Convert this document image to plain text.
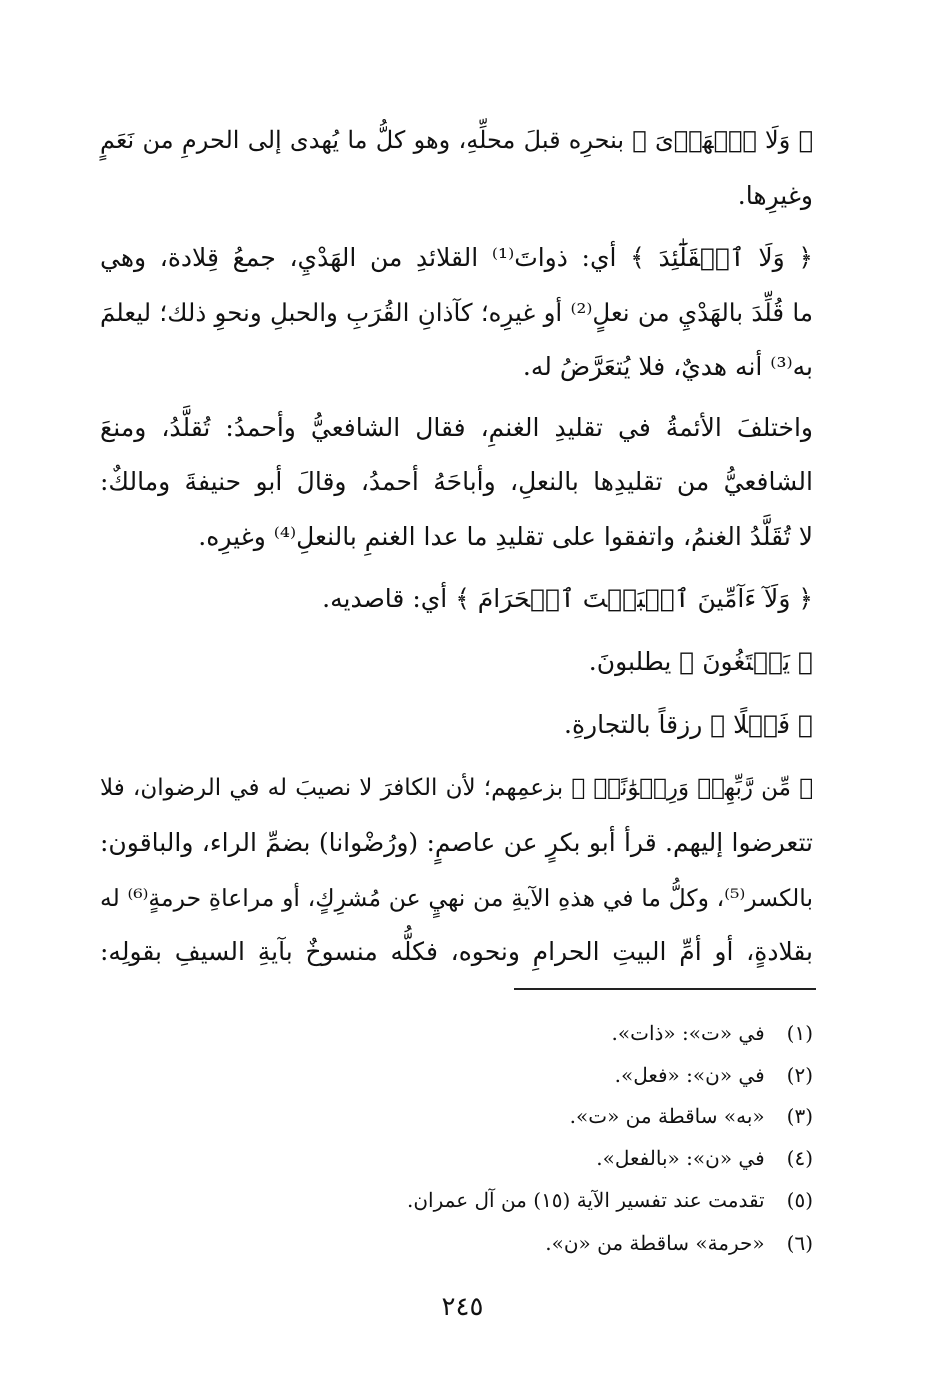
﴿ وَلَا ٱلۡهَدۡیَ ﴾ بنحرِه قبلَ محلِّهِ، وهو كلُّ ما يُهدى إلى الحرمِ من نَعَمٍ
وغيرِها.
﴿ وَلَا ٱلۡقَلَٰٓئِدَ ﴾ أي: ذواتَ⁽¹⁾ القلائدِ من الهَدْيِ، جمعُ قِلادة، وهي
ما قُلِّدَ بالهَدْيِ من نعلٍ⁽²⁾ أو غيرِه؛ كآذانِ القُرَبِ والحبلِ ونحوِ ذلك؛ ليعلمَ
به⁽³⁾ أنه هديٌ، فلا يُتعَرَّضُ له.
واختلفَ الأئمةُ في تقليدِ الغنمِ، فقال الشافعيُّ وأحمدُ: تُقلَّدُ، ومنعَ
الشافعيُّ من تقليدِها بالنعلِ، وأباحَهُ أحمدُ، وقالَ أبو حنيفةَ ومالكٌ:
لا تُقَلَّدُ الغنمُ، واتفقوا على تقليدِ ما عدا الغنمِ بالنعلِ⁽⁴⁾ وغيرِه.
﴿ وَلَآ ءَآمِّينَ ٱلۡبَیۡتَ ٱلۡحَرَامَ ﴾ أي: قاصديه.
﴿ یَبۡتَغُونَ ﴾ يطلبونَ.
﴿ فَضۡلًا ﴾ رزقاً بالتجارةِ.
﴿ مِّن رَّبِّهِمۡ وَرِضۡوَٰنًاۚ ﴾ بزعمِهم؛ لأن الكافرَ لا نصيبَ له في الرضوان، فلا
تتعرضوا إليهم. قرأ أبو بكرٍ عن عاصمٍ: (ورُضْوانا) بضمِّ الراء، والباقون:
بالكسر⁽⁵⁾، وكلُّ ما في هذهِ الآيةِ من نهيٍ عن مُشرِكٍ، أو مراعاةِ حرمةٍ⁽⁶⁾ له
بقلادةٍ، أو أمِّ البيتِ الحرامِ ونحوه، فكلُّه منسوخٌ بآيةِ السيفِ بقولِه:
(١) في «ت»: «ذات».
(٢) في «ن»: «فعل».
(٣) «به» ساقطة من «ت».
(٤) في «ن»: «بالفعل».
(٥) تقدمت عند تفسير الآية (١٥) من آل عمران.
(٦) «حرمة» ساقطة من «ن».
٢٤٥
